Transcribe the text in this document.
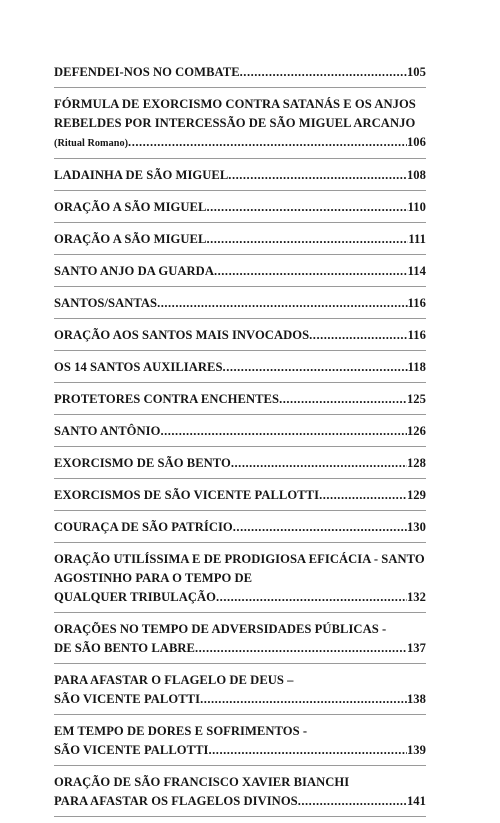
DEFENDEI-NOS NO COMBATE .....	105
FÓRMULA DE EXORCISMO CONTRA SATANÁS E OS ANJOS
REBELDES POR INTERCESSÃO DE SÃO MIGUEL ARCANJO
(Ritual Romano) .....	106
LADAINHA DE SÃO MIGUEL .....	108
ORAÇÃO A SÃO MIGUEL .....	110
ORAÇÃO A SÃO MIGUEL .....	111
SANTO ANJO DA GUARDA .....	114
SANTOS/SANTAS .....	116
ORAÇÃO AOS SANTOS MAIS INVOCADOS .....	116
OS 14 SANTOS AUXILIARES .....	118
PROTETORES CONTRA ENCHENTES .....	125
SANTO ANTÔNIO .....	126
EXORCISMO DE SÃO BENTO .....	128
EXORCISMOS DE SÃO VICENTE PALLOTTI .....	129
COURAÇA DE SÃO PATRÍCIO .....	130
ORAÇÃO UTILÍSSIMA E DE PRODIGIOSA EFICÁCIA - SANTO
AGOSTINHO PARA O TEMPO DE
QUALQUER TRIBULAÇÃO .....	132
ORAÇÕES NO TEMPO DE ADVERSIDADES PÚBLICAS -
DE SÃO BENTO LABRE .....	137
PARA AFASTAR O FLAGELO DE DEUS –
SÃO VICENTE PALOTTI .....	138
EM TEMPO DE DORES E SOFRIMENTOS -
SÃO VICENTE PALLOTTI .....	139
ORAÇÃO DE SÃO FRANCISCO XAVIER BIANCHI
PARA AFASTAR OS FLAGELOS DIVINOS .....	141
